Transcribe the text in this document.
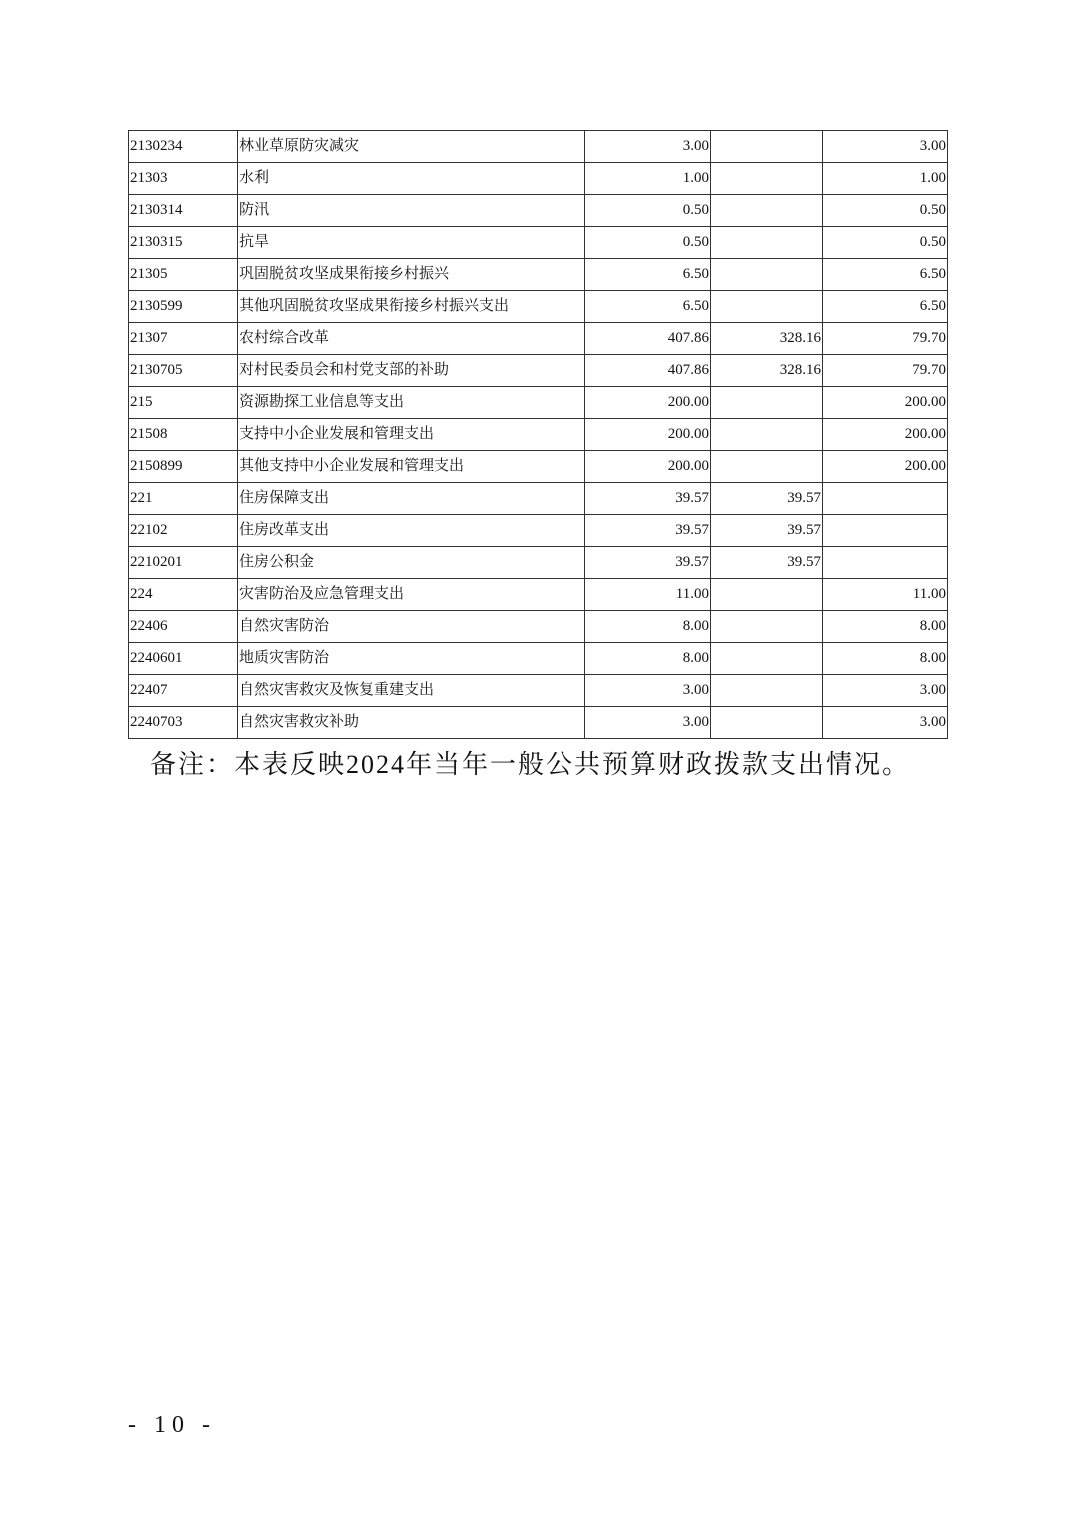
2130234	林业草原防灾减灾	3.00		3.00
21303	水利	1.00		1.00
2130314	防汛	0.50		0.50
2130315	抗旱	0.50		0.50
21305	巩固脱贫攻坚成果衔接乡村振兴	6.50		6.50
2130599	其他巩固脱贫攻坚成果衔接乡村振兴支出	6.50		6.50
21307	农村综合改革	407.86	328.16	79.70
2130705	对村民委员会和村党支部的补助	407.86	328.16	79.70
215	资源勘探工业信息等支出	200.00		200.00
21508	支持中小企业发展和管理支出	200.00		200.00
2150899	其他支持中小企业发展和管理支出	200.00		200.00
221	住房保障支出	39.57	39.57	
22102	住房改革支出	39.57	39.57	
2210201	住房公积金	39.57	39.57	
224	灾害防治及应急管理支出	11.00		11.00
22406	自然灾害防治	8.00		8.00
2240601	地质灾害防治	8.00		8.00
22407	自然灾害救灾及恢复重建支出	3.00		3.00
2240703	自然灾害救灾补助	3.00		3.00
备注：本表反映2024年当年一般公共预算财政拨款支出情况。
- 10 -
